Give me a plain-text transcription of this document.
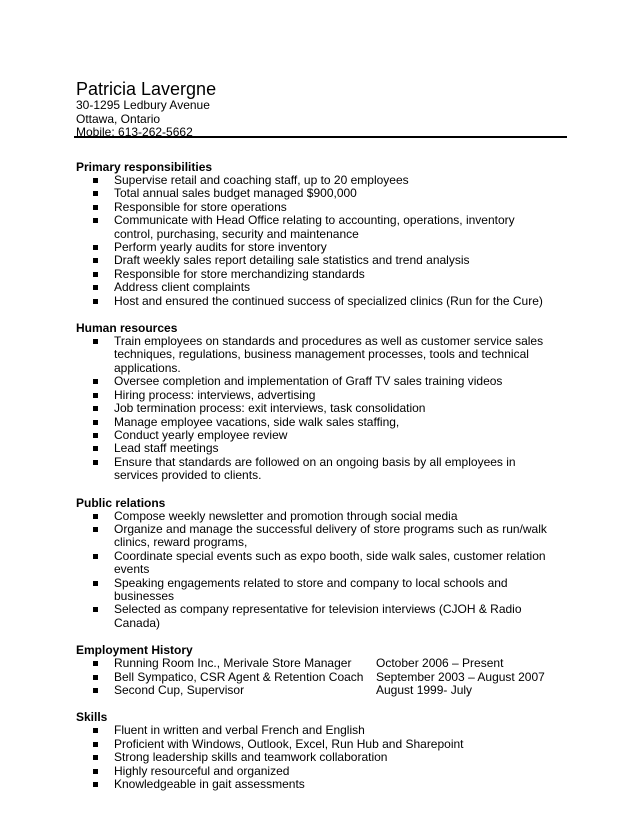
Patricia Lavergne
30-1295 Ledbury Avenue
Ottawa, Ontario
Mobile: 613-262-5662
Primary responsibilities
Supervise retail and coaching staff, up to 20 employees
Total annual sales budget managed $900,000
Responsible for store operations
Communicate with Head Office relating to accounting, operations, inventory control, purchasing, security and maintenance
Perform yearly audits for store inventory
Draft weekly sales report detailing sale statistics and trend analysis
Responsible for store merchandizing standards
Address client complaints
Host and ensured the continued success of specialized clinics (Run for the Cure)
Human resources
Train employees on standards and procedures as well as customer service sales techniques, regulations, business management processes, tools and technical applications.
Oversee completion and implementation of Graff TV sales training videos
Hiring process: interviews, advertising
Job termination process: exit interviews, task consolidation
Manage employee vacations, side walk sales staffing,
Conduct yearly employee review
Lead staff meetings
Ensure that standards are followed on an ongoing basis by all employees in services provided to clients.
Public relations
Compose weekly newsletter and promotion through social media
Organize and manage the successful delivery of store programs such as run/walk clinics, reward programs,
Coordinate special events such as expo booth, side walk sales, customer relation events
Speaking engagements related to store and company to local schools and businesses
Selected as company representative for television interviews (CJOH & Radio Canada)
Employment History
Running Room Inc., Merivale Store Manager	October 2006 – Present
Bell Sympatico, CSR Agent & Retention Coach	September 2003 – August 2007
Second Cup, Supervisor	August 1999- July
Skills
Fluent in written and verbal French and English
Proficient with Windows, Outlook, Excel, Run Hub and Sharepoint
Strong leadership skills and teamwork collaboration
Highly resourceful and organized
Knowledgeable in gait assessments
